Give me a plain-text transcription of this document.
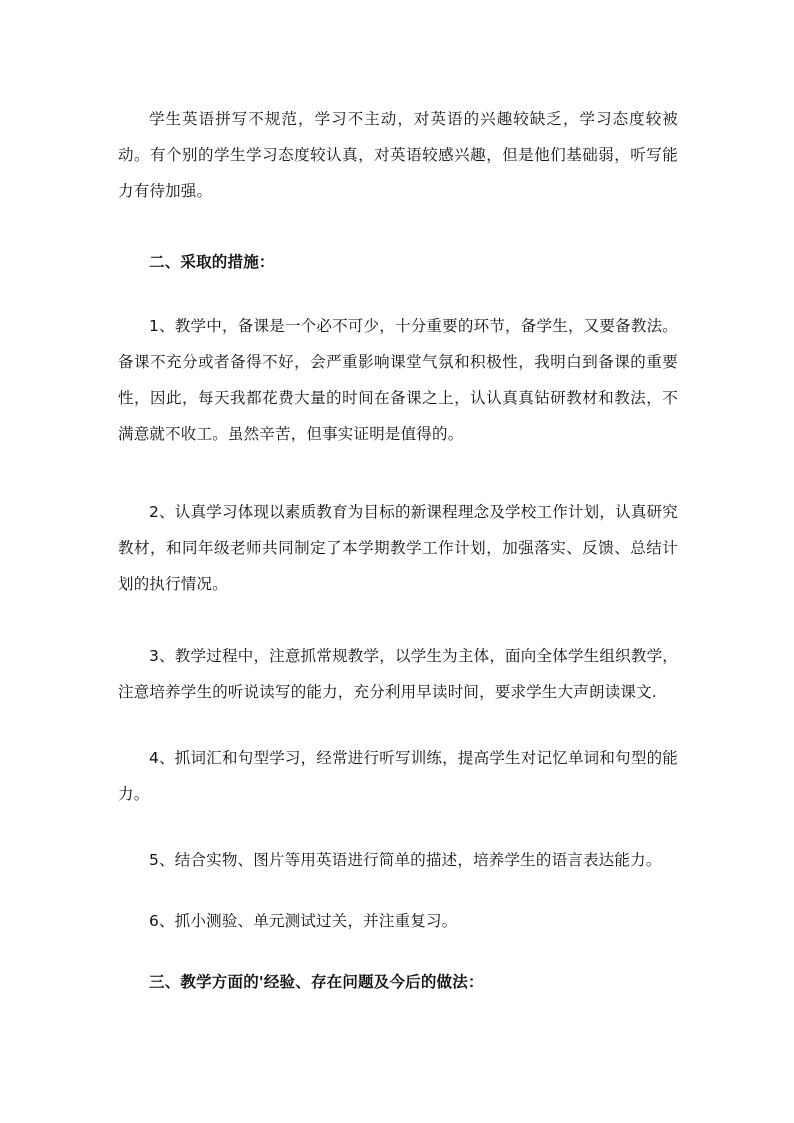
学生英语拼写不规范，学习不主动，对英语的兴趣较缺乏，学习态度较被动。有个别的学生学习态度较认真，对英语较感兴趣，但是他们基础弱，听写能力有待加强。

二、采取的措施：

1、教学中，备课是一个必不可少，十分重要的环节，备学生，又要备教法。备课不充分或者备得不好，会严重影响课堂气氛和积极性，我明白到备课的重要性，因此，每天我都花费大量的时间在备课之上，认认真真钻研教材和教法，不满意就不收工。虽然辛苦，但事实证明是值得的。

2、认真学习体现以素质教育为目标的新课程理念及学校工作计划，认真研究教材，和同年级老师共同制定了本学期教学工作计划，加强落实、反馈、总结计划的执行情况。

3、教学过程中，注意抓常规教学，以学生为主体，面向全体学生组织教学，注意培养学生的听说读写的能力，充分利用早读时间，要求学生大声朗读课文.

4、抓词汇和句型学习，经常进行听写训练，提高学生对记忆单词和句型的能力。

5、结合实物、图片等用英语进行简单的描述，培养学生的语言表达能力。

6、抓小测验、单元测试过关，并注重复习。

三、教学方面的'经验、存在问题及今后的做法：
